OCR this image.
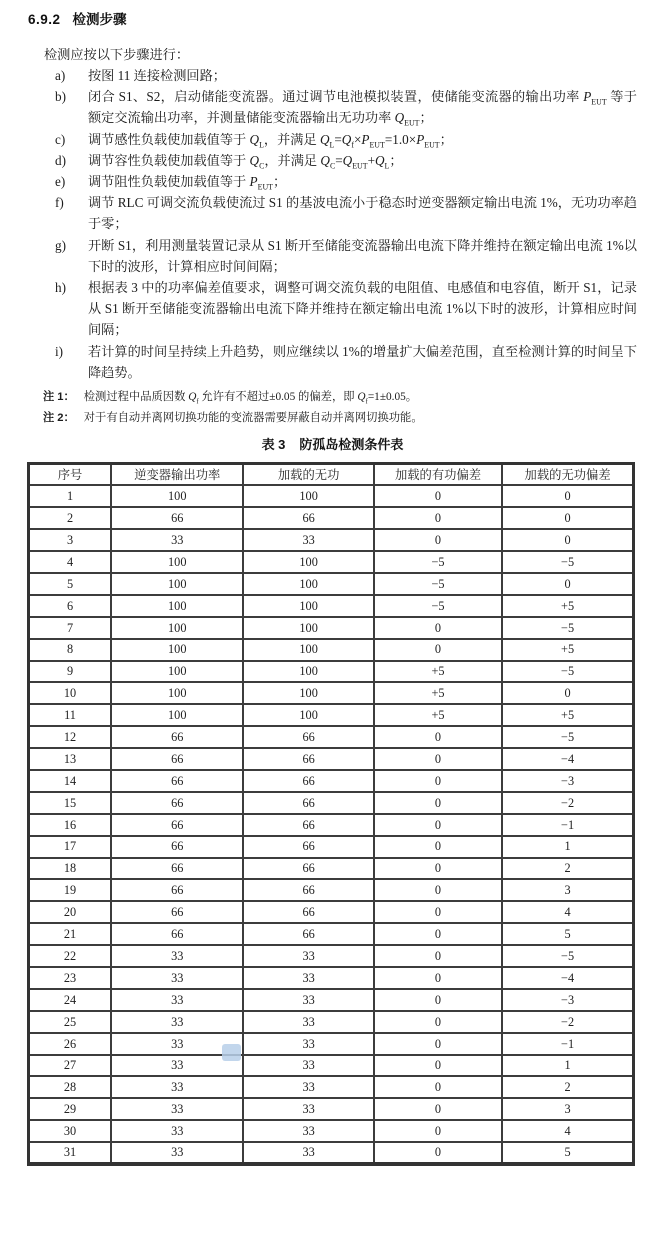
6.9.2 检测步骤

检测应按以下步骤进行：

a)	按图 11 连接检测回路；
b)	闭合 S1、S2，启动储能变流器。通过调节电池模拟装置，使储能变流器的输出功率 $P_{EUT}$ 等于额定交流输出功率，并测量储能变流器输出无功功率 $Q_{EUT}$；
c)	调节感性负载使加载值等于 $Q_L$，并满足 $Q_L=Q_f\times P_{EUT}=1.0\times P_{EUT}$；
d)	调节容性负载使加载值等于 $Q_C$，并满足 $Q_C=Q_{EUT}+Q_L$；
e)	调节阻性负载使加载值等于 $P_{EUT}$；
f)	调节 RLC 可调交流负载使流过 S1 的基波电流小于稳态时逆变器额定输出电流 1%，无功功率趋于零；
g)	开断 S1，利用测量装置记录从 S1 断开至储能变流器输出电流下降并维持在额定输出电流 1%以下时的波形，计算相应时间间隔；
h)	根据表 3 中的功率偏差值要求，调整可调交流负载的电阻值、电感值和电容值，断开 S1，记录从 S1 断开至储能变流器输出电流下降并维持在额定输出电流 1%以下时的波形，计算相应时间间隔；
i)	若计算的时间呈持续上升趋势，则应继续以 1%的增量扩大偏差范围，直至检测计算的时间呈下降趋势。
注 1： 检测过程中品质因数 $Q_f$ 允许有不超过±0.05 的偏差，即 $Q_f=1\pm 0.05$。
注 2： 对于有自动并离网切换功能的变流器需要屏蔽自动并离网切换功能。

表 3 防孤岛检测条件表

序号	逆变器输出功率	加载的无功	加载的有功偏差	加载的无功偏差
1	100	100	0	0
2	66	66	0	0
3	33	33	0	0
4	100	100	−5	−5
5	100	100	−5	0
6	100	100	−5	+5
7	100	100	0	−5
8	100	100	0	+5
9	100	100	+5	−5
10	100	100	+5	0
11	100	100	+5	+5
12	66	66	0	−5
13	66	66	0	−4
14	66	66	0	−3
15	66	66	0	−2
16	66	66	0	−1
17	66	66	0	1
18	66	66	0	2
19	66	66	0	3
20	66	66	0	4
21	66	66	0	5
22	33	33	0	−5
23	33	33	0	−4
24	33	33	0	−3
25	33	33	0	−2
26	33	33	0	−1
27	33	33	0	1
28	33	33	0	2
29	33	33	0	3
30	33	33	0	4
31	33	33	0	5
